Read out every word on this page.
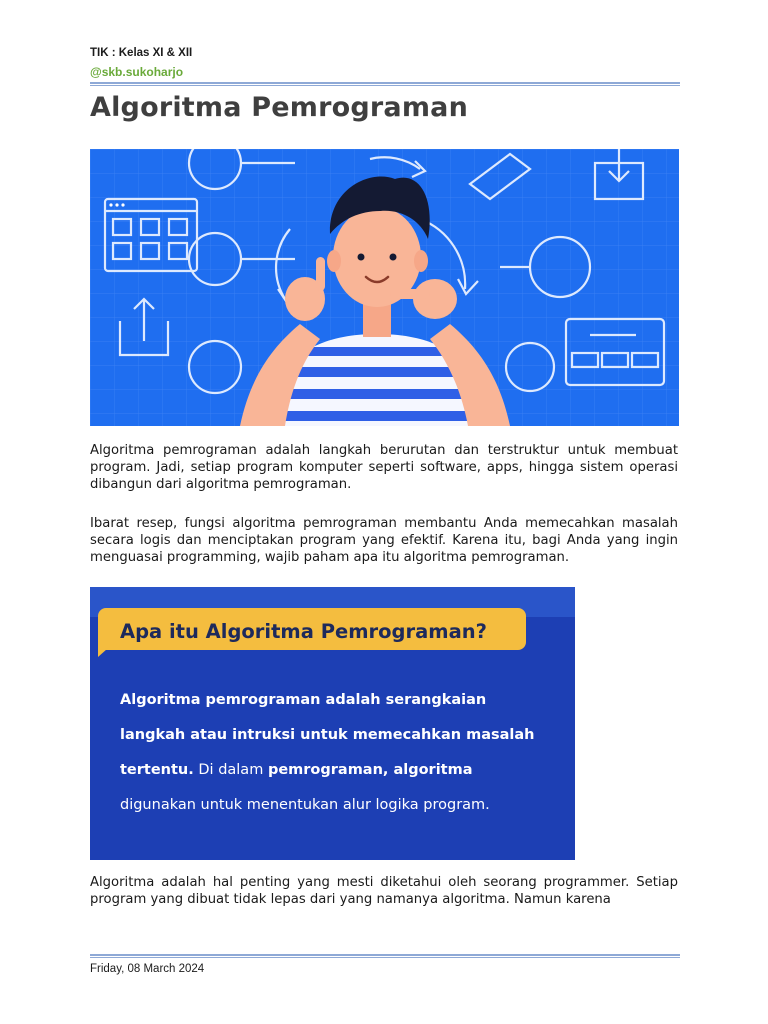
TIK : Kelas XI & XII
@skb.sukoharjo
Algoritma Pemrograman

Algoritma pemrograman adalah langkah berurutan dan terstruktur untuk membuat program. Jadi, setiap program komputer seperti software, apps, hingga sistem operasi dibangun dari algoritma pemrograman.

Ibarat resep, fungsi algoritma pemrograman membantu Anda memecahkan masalah secara logis dan menciptakan program yang efektif. Karena itu, bagi Anda yang ingin menguasai programming, wajib paham apa itu algoritma pemrograman.

Apa itu Algoritma Pemrograman?
Algoritma pemrograman adalah serangkaian langkah atau intruksi untuk memecahkan masalah tertentu. Di dalam pemrograman, algoritma digunakan untuk menentukan alur logika program.

Algoritma adalah hal penting yang mesti diketahui oleh seorang programmer. Setiap program yang dibuat tidak lepas dari yang namanya algoritma. Namun karena

Friday, 08 March 2024
